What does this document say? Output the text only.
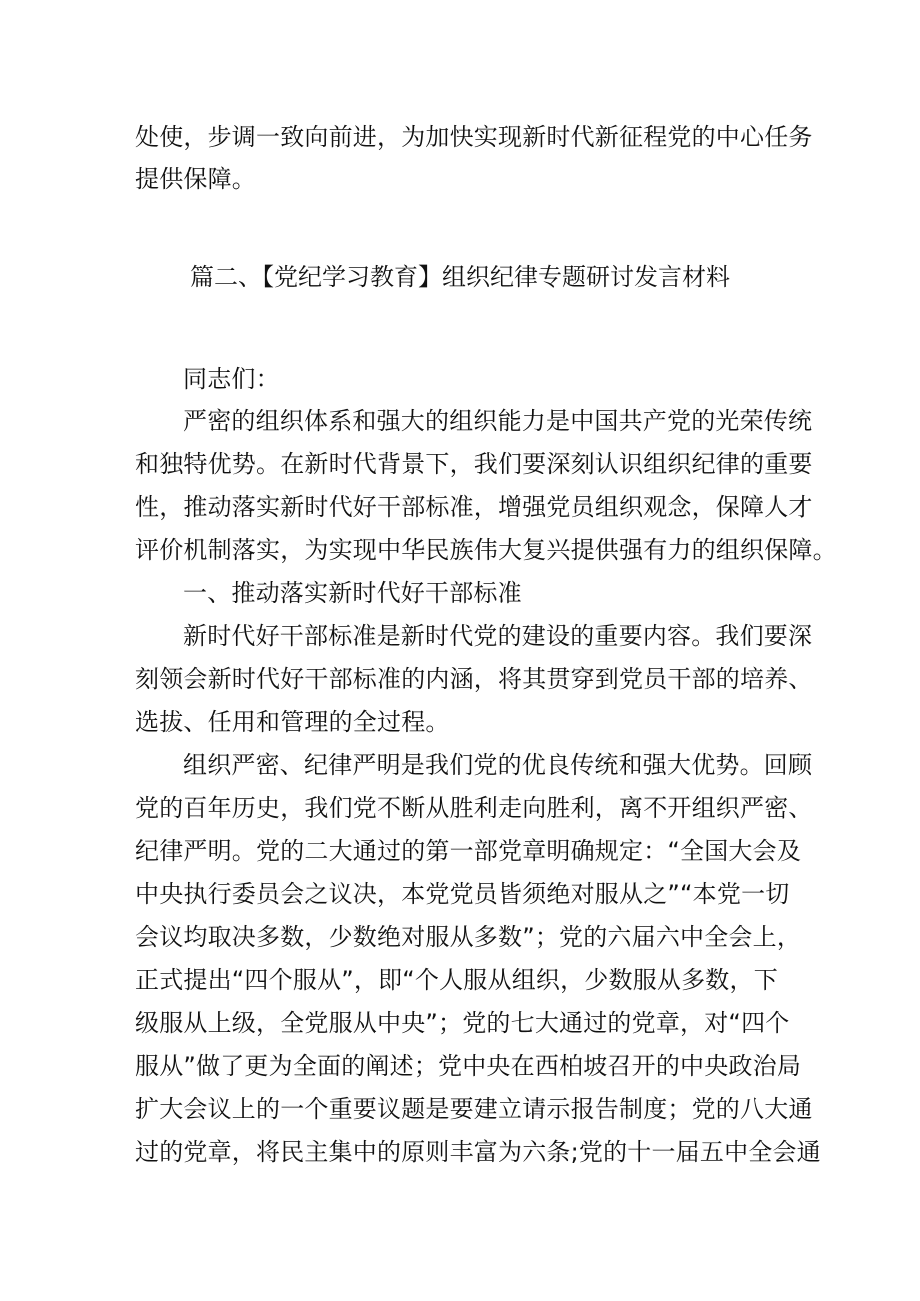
处使，步调一致向前进，为加快实现新时代新征程党的中心任务
提供保障。
篇二、【党纪学习教育】组织纪律专题研讨发言材料
同志们：
严密的组织体系和强大的组织能力是中国共产党的光荣传统
和独特优势。在新时代背景下，我们要深刻认识组织纪律的重要
性，推动落实新时代好干部标准，增强党员组织观念，保障人才
评价机制落实，为实现中华民族伟大复兴提供强有力的组织保障。
一、推动落实新时代好干部标准
新时代好干部标准是新时代党的建设的重要内容。我们要深
刻领会新时代好干部标准的内涵，将其贯穿到党员干部的培养、
选拔、任用和管理的全过程。
组织严密、纪律严明是我们党的优良传统和强大优势。回顾
党的百年历史，我们党不断从胜利走向胜利，离不开组织严密、
纪律严明。党的二大通过的第一部党章明确规定：“全国大会及
中央执行委员会之议决，本党党员皆须绝对服从之”“本党一切
会议均取决多数，少数绝对服从多数”；党的六届六中全会上，
正式提出“四个服从”，即“个人服从组织，少数服从多数，下
级服从上级，全党服从中央”；党的七大通过的党章，对“四个
服从”做了更为全面的阐述；党中央在西柏坡召开的中央政治局
扩大会议上的一个重要议题是要建立请示报告制度；党的八大通
过的党章，将民主集中的原则丰富为六条;党的十一届五中全会通
